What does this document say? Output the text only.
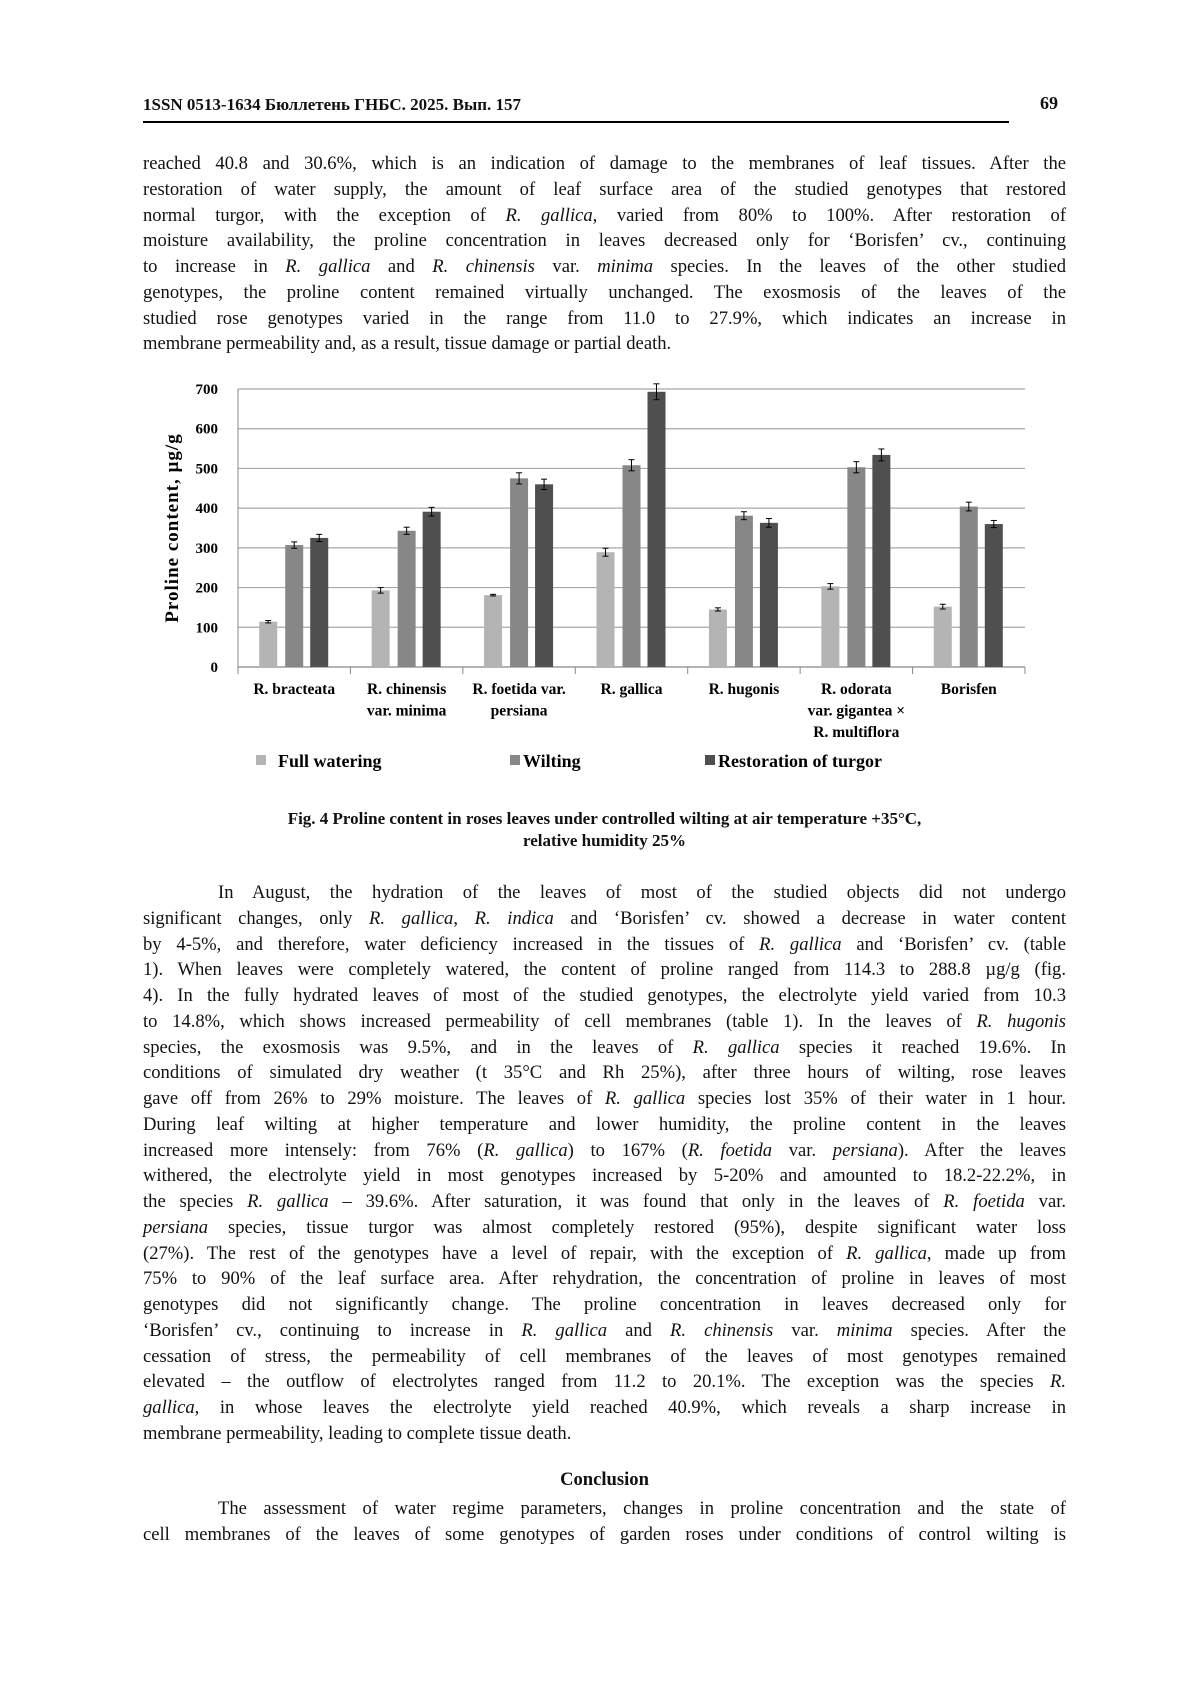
1SSN 0513-1634 Бюллетень ГНБС. 2025. Вып. 157	69
reached 40.8 and 30.6%, which is an indication of damage to the membranes of leaf tissues. After the
restoration of water supply, the amount of leaf surface area of the studied genotypes that restored
normal turgor, with the exception of R. gallica, varied from 80% to 100%. After restoration of
moisture availability, the proline concentration in leaves decreased only for ‘Borisfen’ cv., continuing
to increase in R. gallica and R. chinensis var. minima species. In the leaves of the other studied
genotypes, the proline content remained virtually unchanged. The exosmosis of the leaves of the
studied rose genotypes varied in the range from 11.0 to 27.9%, which indicates an increase in
membrane permeability and, as a result, tissue damage or partial death.
0
100
200
300
400
500
600
700
Proline content, µg/g
R. bracteata R. chinensis
var. minima
R. foetida var.
persiana
R. gallica	R. hugonis	R. odorata
var. gigantea ×
R. multiflora
Borisfen
Full watering	Wilting	Restoration of turgor
Fig. 4 Proline content in roses leaves under controlled wilting at air temperature +35°C,
relative humidity 25%
In August, the hydration of the leaves of most of the studied objects did not undergo
significant changes, only R. gallica, R. indica and ‘Borisfen’ cv. showed a decrease in water content
by 4-5%, and therefore, water deficiency increased in the tissues of R. gallica and ‘Borisfen’ cv. (table
1). When leaves were completely watered, the content of proline ranged from 114.3 to 288.8 µg/g (fig.
4). In the fully hydrated leaves of most of the studied genotypes, the electrolyte yield varied from 10.3
to 14.8%, which shows increased permeability of cell membranes (table 1). In the leaves of R. hugonis
species, the exosmosis was 9.5%, and in the leaves of R. gallica species it reached 19.6%. In
conditions of simulated dry weather (t 35°C and Rh 25%), after three hours of wilting, rose leaves
gave off from 26% to 29% moisture. The leaves of R. gallica species lost 35% of their water in 1 hour.
During leaf wilting at higher temperature and lower humidity, the proline content in the leaves
increased more intensely: from 76% (R. gallica) to 167% (R. foetida var. persiana). After the leaves
withered, the electrolyte yield in most genotypes increased by 5-20% and amounted to 18.2-22.2%, in
the species R. gallica – 39.6%. After saturation, it was found that only in the leaves of R. foetida var.
persiana species, tissue turgor was almost completely restored (95%), despite significant water loss
(27%). The rest of the genotypes have a level of repair, with the exception of R. gallica, made up from
75% to 90% of the leaf surface area. After rehydration, the concentration of proline in leaves of most
genotypes did not significantly change. The proline concentration in leaves decreased only for
‘Borisfen’ cv., continuing to increase in R. gallica and R. chinensis var. minima species. After the
cessation of stress, the permeability of cell membranes of the leaves of most genotypes remained
elevated – the outflow of electrolytes ranged from 11.2 to 20.1%. The exception was the species R.
gallica, in whose leaves the electrolyte yield reached 40.9%, which reveals a sharp increase in
membrane permeability, leading to complete tissue death.
Conclusion
The assessment of water regime parameters, changes in proline concentration and the state of
cell membranes of the leaves of some genotypes of garden roses under conditions of control wilting is
